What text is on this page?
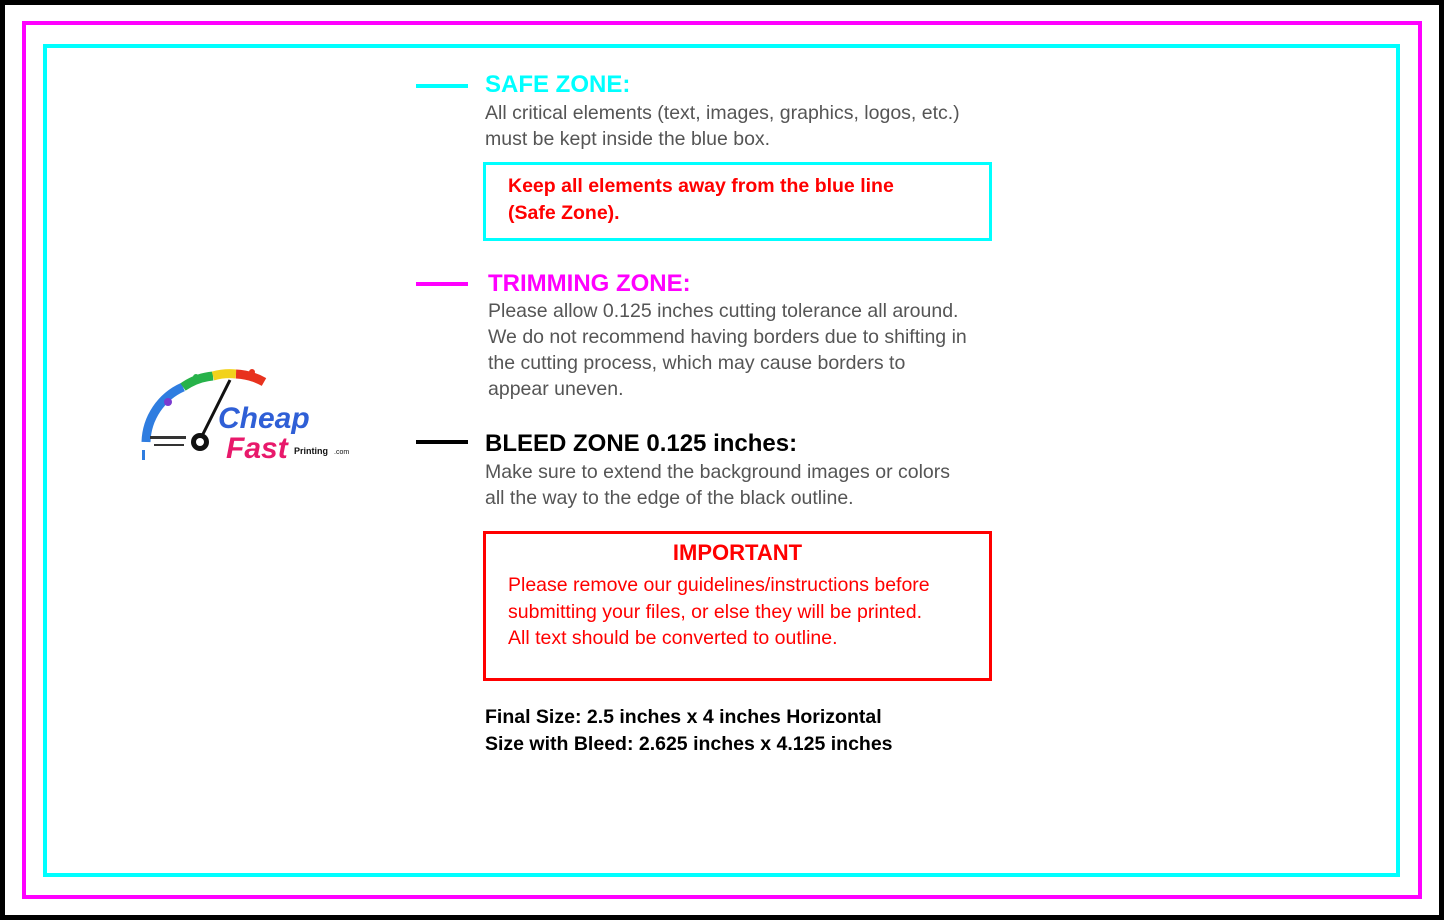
Cheap
Fast Printing .com
SAFE ZONE:
All critical elements (text, images, graphics, logos, etc.)
must be kept inside the blue box.
Keep all elements away from the blue line
(Safe Zone).
TRIMMING ZONE:
Please allow 0.125 inches cutting tolerance all around.
We do not recommend having borders due to shifting in
the cutting process, which may cause borders to
appear uneven.
BLEED ZONE 0.125 inches:
Make sure to extend the background images or colors
all the way to the edge of the black outline.
IMPORTANT
Please remove our guidelines/instructions before
submitting your files, or else they will be printed.
All text should be converted to outline.
Final Size: 2.5 inches x 4 inches Horizontal
Size with Bleed: 2.625 inches x 4.125 inches
